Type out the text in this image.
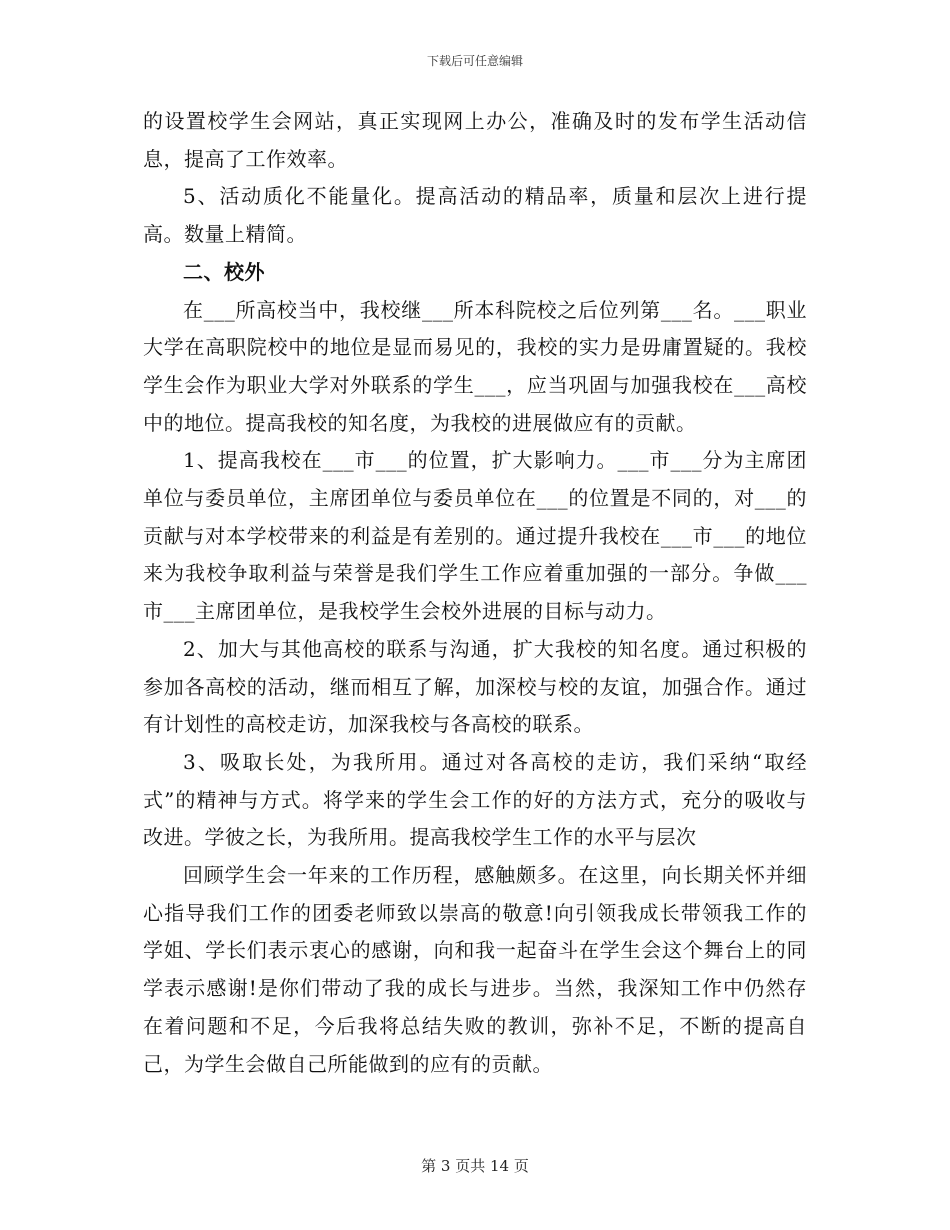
下载后可任意编辑

的设置校学生会网站，真正实现网上办公，准确及时的发布学生活动信息，提高了工作效率。

5、活动质化不能量化。提高活动的精品率，质量和层次上进行提高。数量上精简。

二、校外

在___所高校当中，我校继___所本科院校之后位列第___名。___职业大学在高职院校中的地位是显而易见的，我校的实力是毋庸置疑的。我校学生会作为职业大学对外联系的学生___，应当巩固与加强我校在___高校中的地位。提高我校的知名度，为我校的进展做应有的贡献。

1、提高我校在___市___的位置，扩大影响力。___市___分为主席团单位与委员单位，主席团单位与委员单位在___的位置是不同的，对___的贡献与对本学校带来的利益是有差别的。通过提升我校在___市___的地位来为我校争取利益与荣誉是我们学生工作应着重加强的一部分。争做___市___主席团单位，是我校学生会校外进展的目标与动力。

2、加大与其他高校的联系与沟通，扩大我校的知名度。通过积极的参加各高校的活动，继而相互了解，加深校与校的友谊，加强合作。通过有计划性的高校走访，加深我校与各高校的联系。

3、吸取长处，为我所用。通过对各高校的走访，我们采纳“取经式”的精神与方式。将学来的学生会工作的好的方法方式，充分的吸收与改进。学彼之长，为我所用。提高我校学生工作的水平与层次

回顾学生会一年来的工作历程，感触颇多。在这里，向长期关怀并细心指导我们工作的团委老师致以崇高的敬意!向引领我成长带领我工作的学姐、学长们表示衷心的感谢，向和我一起奋斗在学生会这个舞台上的同学表示感谢!是你们带动了我的成长与进步。当然，我深知工作中仍然存在着问题和不足，今后我将总结失败的教训，弥补不足，不断的提高自己，为学生会做自己所能做到的应有的贡献。

第 3 页共 14 页
